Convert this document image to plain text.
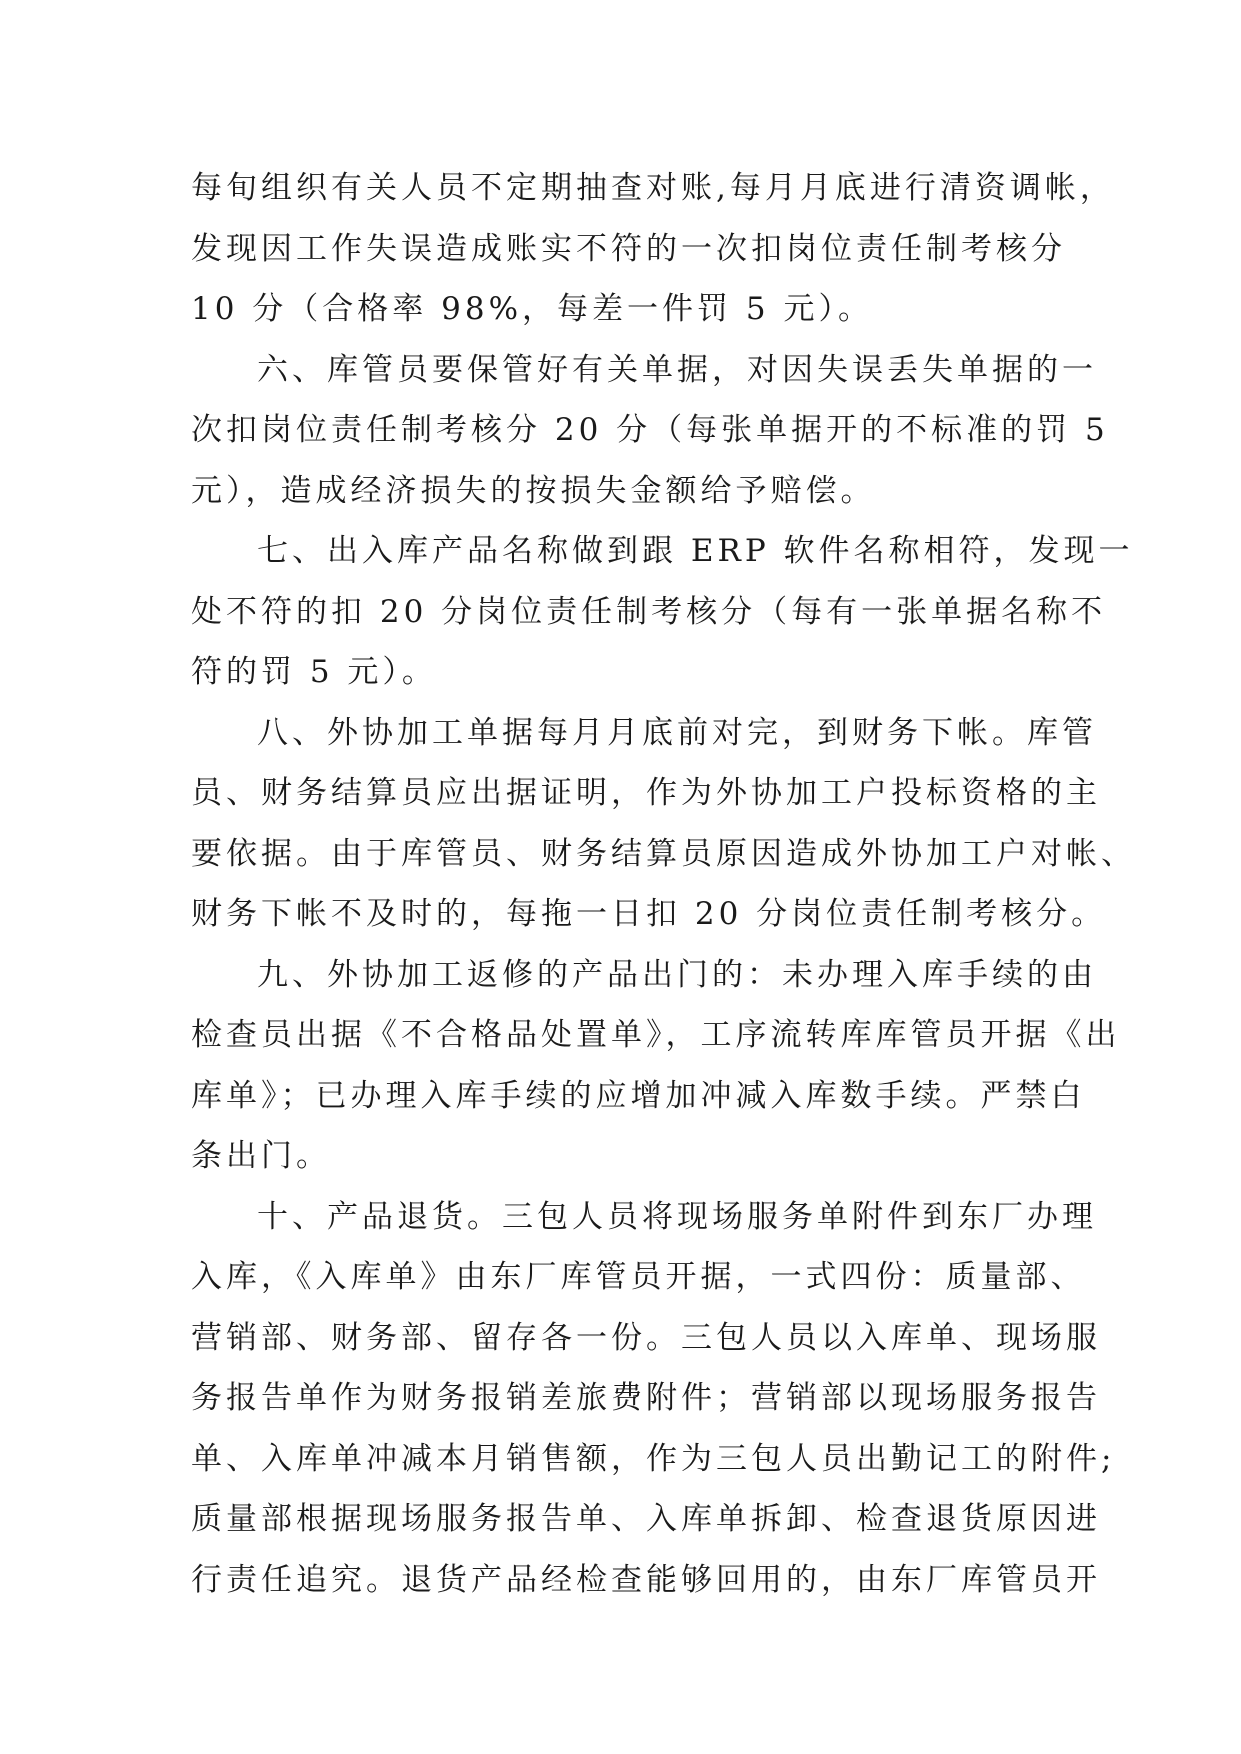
每旬组织有关人员不定期抽查对账,每月月底进行清资调帐，
发现因工作失误造成账实不符的一次扣岗位责任制考核分
10 分（合格率 98%，每差一件罚 5 元）。
六、库管员要保管好有关单据，对因失误丢失单据的一
次扣岗位责任制考核分 20 分（每张单据开的不标准的罚 5
元），造成经济损失的按损失金额给予赔偿。
七、出入库产品名称做到跟 ERP 软件名称相符，发现一
处不符的扣 20 分岗位责任制考核分（每有一张单据名称不
符的罚 5 元）。
八、外协加工单据每月月底前对完，到财务下帐。库管
员、财务结算员应出据证明，作为外协加工户投标资格的主
要依据。由于库管员、财务结算员原因造成外协加工户对帐、
财务下帐不及时的，每拖一日扣 20 分岗位责任制考核分。
九、外协加工返修的产品出门的：未办理入库手续的由
检查员出据《不合格品处置单》，工序流转库库管员开据《出
库单》；已办理入库手续的应增加冲减入库数手续。严禁白
条出门。
十、产品退货。三包人员将现场服务单附件到东厂办理
入库，《入库单》由东厂库管员开据，一式四份：质量部、
营销部、财务部、留存各一份。三包人员以入库单、现场服
务报告单作为财务报销差旅费附件；营销部以现场服务报告
单、入库单冲减本月销售额，作为三包人员出勤记工的附件;
质量部根据现场服务报告单、入库单拆卸、检查退货原因进
行责任追究。退货产品经检查能够回用的，由东厂库管员开
